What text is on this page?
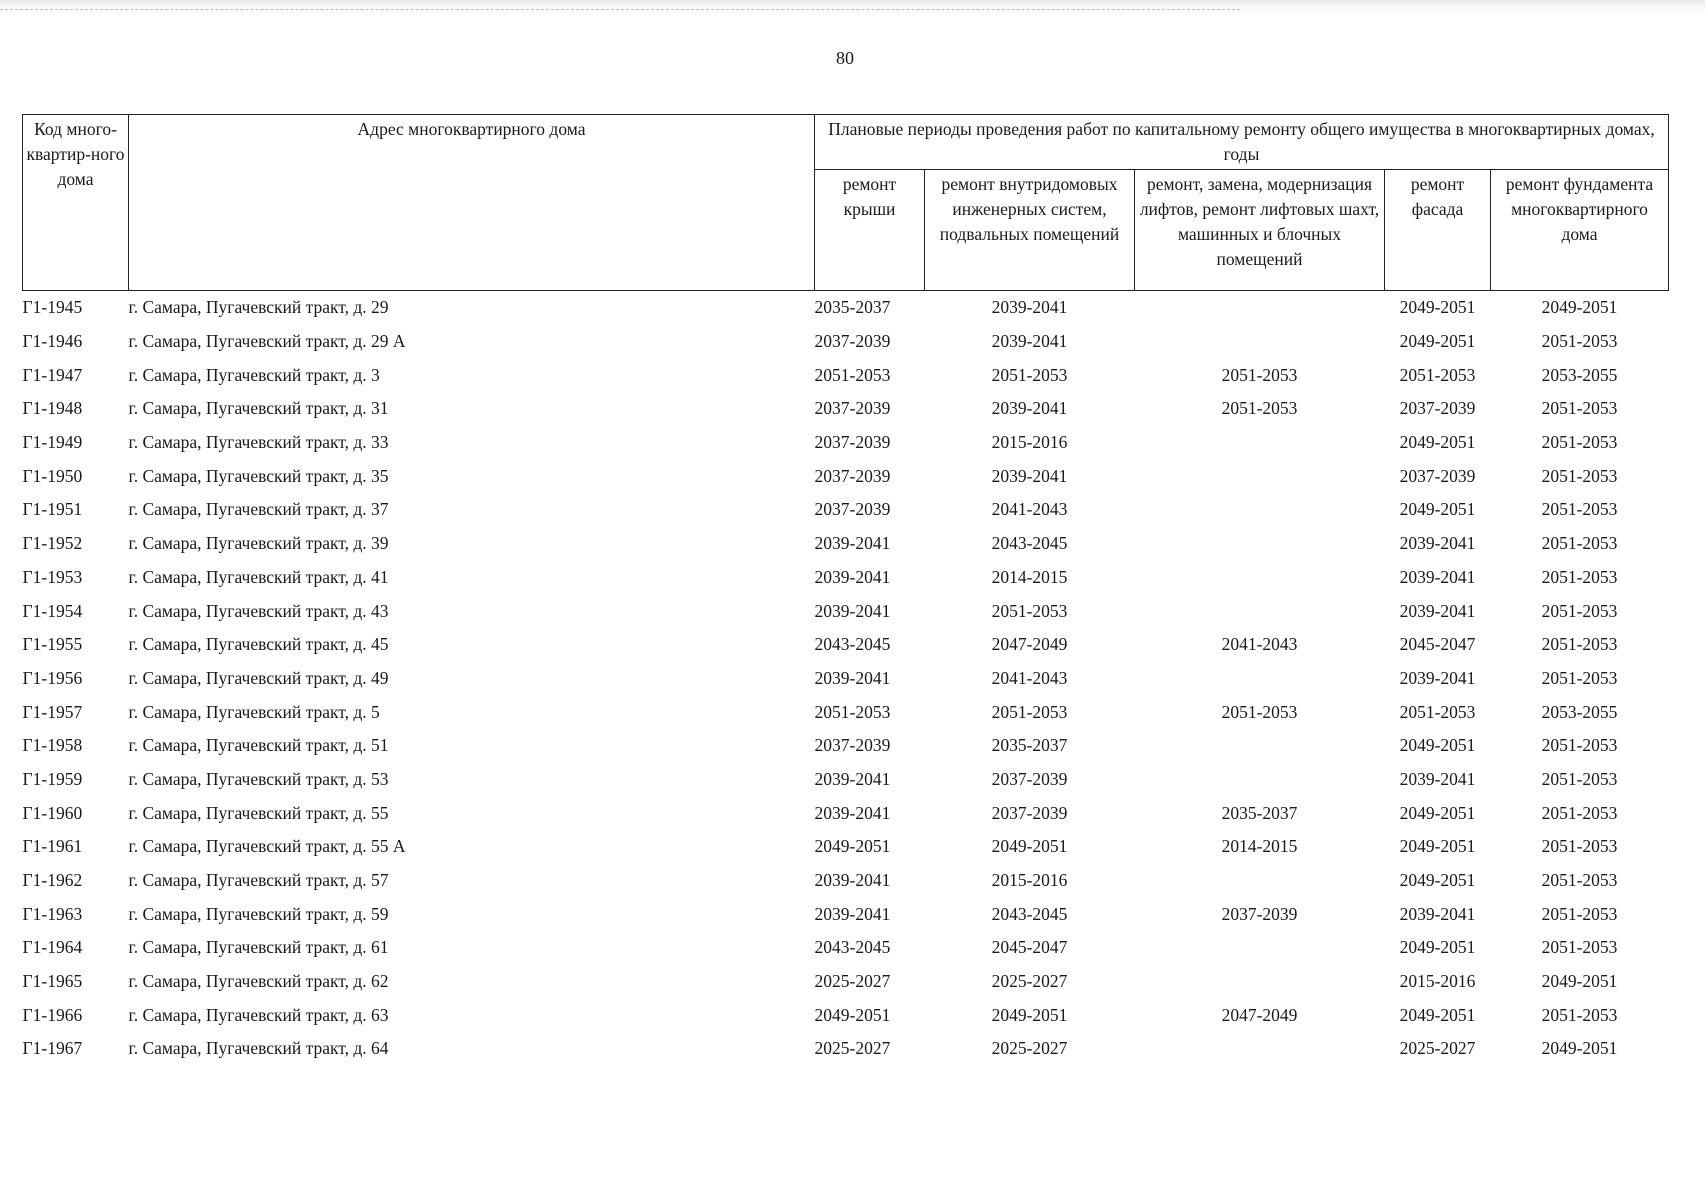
80
Код много-квартир-ного дома	Адрес многоквартирного дома	Плановые периоды проведения работ по капитальному ремонту общего имущества в многоквартирных домах, годы				
		ремонт крыши	ремонт внутридомовых инженерных систем, подвальных помещений	ремонт, замена, модернизация лифтов, ремонт лифтовых шахт, машинных и блочных помещений	ремонт фасада	ремонт фундамента многоквартирного дома
Г1-1945	г. Самара, Пугачевский тракт, д. 29	2035-2037	2039-2041		2049-2051	2049-2051
Г1-1946	г. Самара, Пугачевский тракт, д. 29 А	2037-2039	2039-2041		2049-2051	2051-2053
Г1-1947	г. Самара, Пугачевский тракт, д. 3	2051-2053	2051-2053	2051-2053	2051-2053	2053-2055
Г1-1948	г. Самара, Пугачевский тракт, д. 31	2037-2039	2039-2041	2051-2053	2037-2039	2051-2053
Г1-1949	г. Самара, Пугачевский тракт, д. 33	2037-2039	2015-2016		2049-2051	2051-2053
Г1-1950	г. Самара, Пугачевский тракт, д. 35	2037-2039	2039-2041		2037-2039	2051-2053
Г1-1951	г. Самара, Пугачевский тракт, д. 37	2037-2039	2041-2043		2049-2051	2051-2053
Г1-1952	г. Самара, Пугачевский тракт, д. 39	2039-2041	2043-2045		2039-2041	2051-2053
Г1-1953	г. Самара, Пугачевский тракт, д. 41	2039-2041	2014-2015		2039-2041	2051-2053
Г1-1954	г. Самара, Пугачевский тракт, д. 43	2039-2041	2051-2053		2039-2041	2051-2053
Г1-1955	г. Самара, Пугачевский тракт, д. 45	2043-2045	2047-2049	2041-2043	2045-2047	2051-2053
Г1-1956	г. Самара, Пугачевский тракт, д. 49	2039-2041	2041-2043		2039-2041	2051-2053
Г1-1957	г. Самара, Пугачевский тракт, д. 5	2051-2053	2051-2053	2051-2053	2051-2053	2053-2055
Г1-1958	г. Самара, Пугачевский тракт, д. 51	2037-2039	2035-2037		2049-2051	2051-2053
Г1-1959	г. Самара, Пугачевский тракт, д. 53	2039-2041	2037-2039		2039-2041	2051-2053
Г1-1960	г. Самара, Пугачевский тракт, д. 55	2039-2041	2037-2039	2035-2037	2049-2051	2051-2053
Г1-1961	г. Самара, Пугачевский тракт, д. 55 А	2049-2051	2049-2051	2014-2015	2049-2051	2051-2053
Г1-1962	г. Самара, Пугачевский тракт, д. 57	2039-2041	2015-2016		2049-2051	2051-2053
Г1-1963	г. Самара, Пугачевский тракт, д. 59	2039-2041	2043-2045	2037-2039	2039-2041	2051-2053
Г1-1964	г. Самара, Пугачевский тракт, д. 61	2043-2045	2045-2047		2049-2051	2051-2053
Г1-1965	г. Самара, Пугачевский тракт, д. 62	2025-2027	2025-2027		2015-2016	2049-2051
Г1-1966	г. Самара, Пугачевский тракт, д. 63	2049-2051	2049-2051	2047-2049	2049-2051	2051-2053
Г1-1967	г. Самара, Пугачевский тракт, д. 64	2025-2027	2025-2027		2025-2027	2049-2051
